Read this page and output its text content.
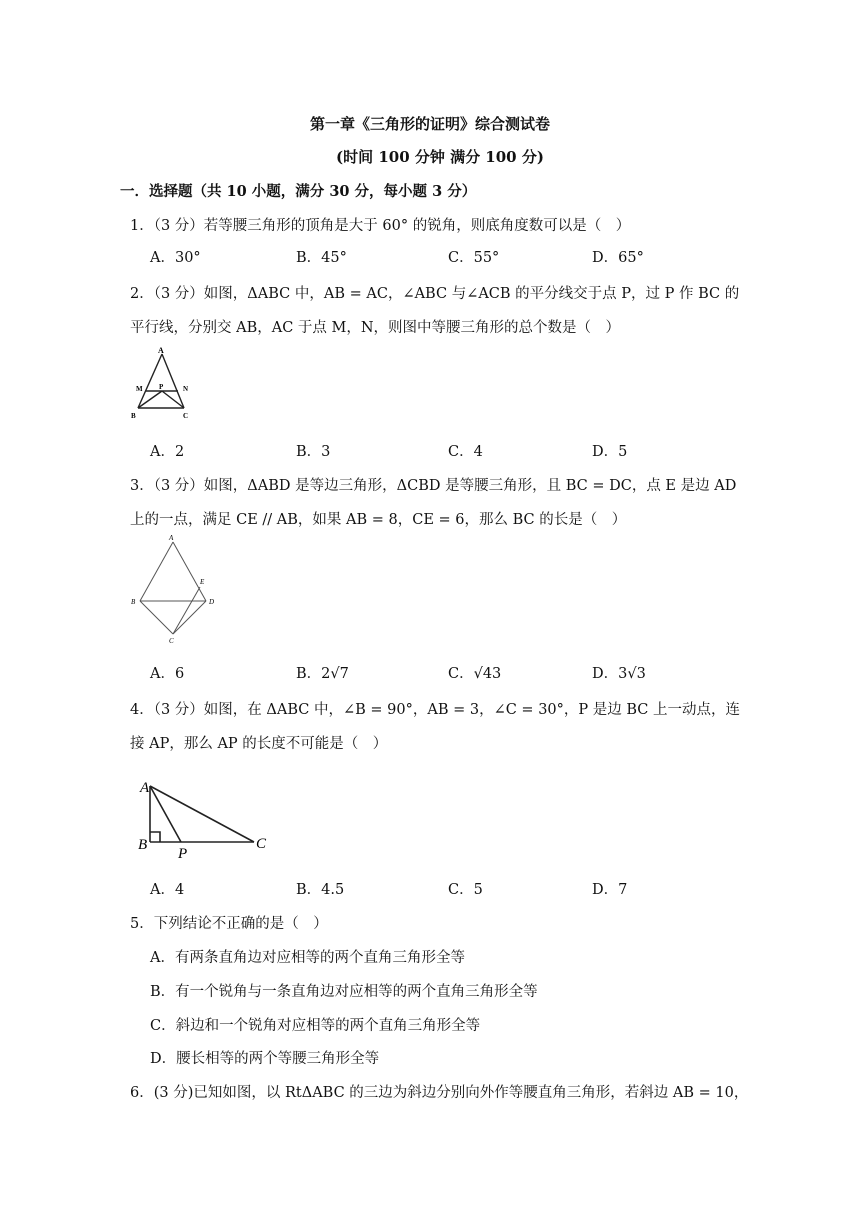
第一章《三角形的证明》综合测试卷
(时间 100 分钟 满分 100 分)
一．选择题（共 10 小题，满分 30 分，每小题 3 分）
1．（3 分）若等腰三角形的顶角是大于 60° 的锐角，则底角度数可以是（　）
A．30°	B．45°	C．55°	D．65°
2．（3 分）如图，ΔABC 中，AB = AC，∠ABC 与∠ACB 的平分线交于点 P，过 P 作 BC 的
平行线，分别交 AB，AC 于点 M，N，则图中等腰三角形的总个数是（　）
A
M P	N
B	C
A．2	B．3	C．4	D．5
3．（3 分）如图，ΔABD 是等边三角形，ΔCBD 是等腰三角形，且 BC = DC，点 E 是边 AD
上的一点，满足 CE // AB，如果 AB = 8，CE = 6，那么 BC 的长是（　）
A
E
B	D
C
A．6	B．2√7	C．√43	D．3√3
4．（3 分）如图，在 ΔABC 中，∠B = 90°，AB = 3，∠C = 30°，P 是边 BC 上一动点，连
接 AP，那么 AP 的长度不可能是（　）
A
B
P
C
A．4	B．4.5	C．5	D．7
5．下列结论不正确的是（　）
A．有两条直角边对应相等的两个直角三角形全等
B．有一个锐角与一条直角边对应相等的两个直角三角形全等
C．斜边和一个锐角对应相等的两个直角三角形全等
D．腰长相等的两个等腰三角形全等
6．(3 分)已知如图，以 RtΔABC 的三边为斜边分别向外作等腰直角三角形，若斜边 AB = 10，
